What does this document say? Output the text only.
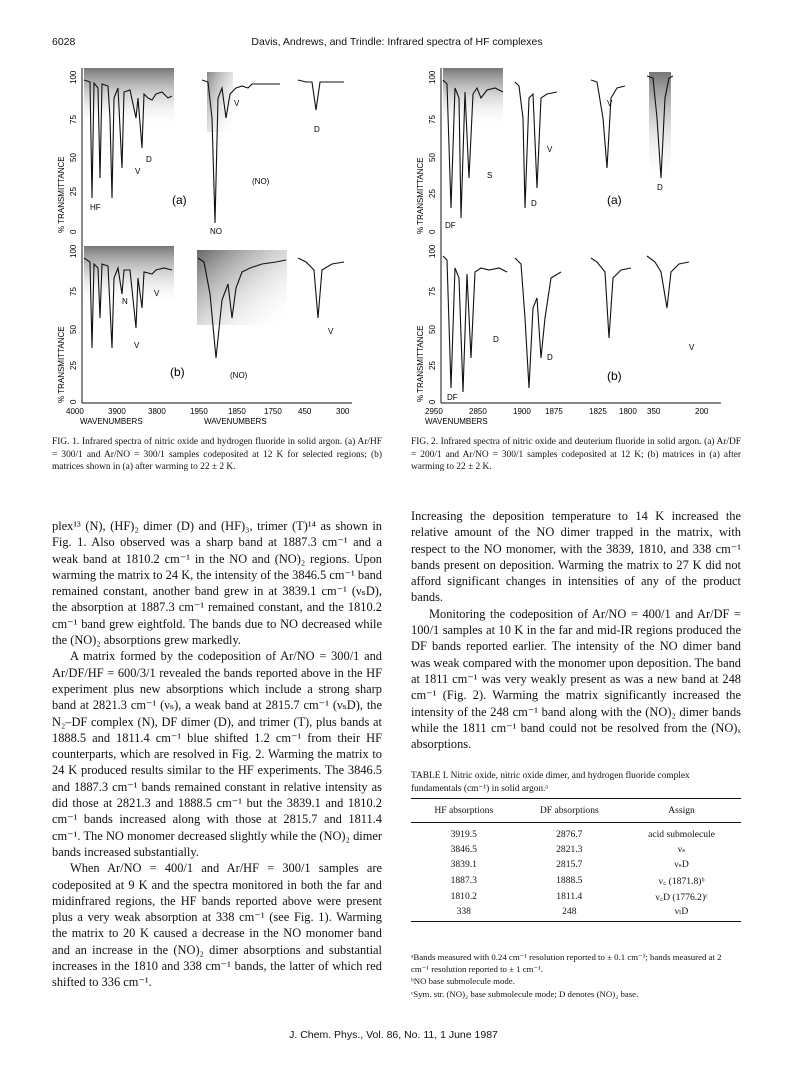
6028	Davis, Andrews, and Trindle: Infrared spectra of HF complexes
% TRANSMITTANCE
% TRANSMITTANCE
100
75
50
25
0
100
75
50
25
0
HF
D
V
(a)
V
NO
(NO)
D
N
V
V
(b)	(NO)
V
4000	3900	3800	1950	1850 1750 450	300
WAVENUMBERS	WAVENUMBERS
FIG. 1. Infrared spectra of nitric oxide and hydrogen fluoride in solid argon. (a) Ar/HF = 300/1 and Ar/NO = 300/1 samples codeposited at 12 K for selected regions; (b) matrices shown in (a) after warming to 22 ± 2 K.
% TRANSMITTANCE
% TRANSMITTANCE
100
75
50
25
0
100
75
50
25
0
DF
S
D
V
(a)
V
D
DF
D
D
(b)
V
2950	2850	1900 1875	1825 1800 350	200
WAVENUMBERS
FIG. 2. Infrared spectra of nitric oxide and deuterium fluoride in solid argon. (a) Ar/DF = 200/1 and Ar/NO = 300/1 samples codeposited at 12 K; (b) matrices in (a) after warming to 22 ± 2 K.

plex¹³ (N), (HF)₂ dimer (D) and (HF)₃, trimer (T)¹⁴ as shown in Fig. 1. Also observed was a sharp band at 1887.3 cm⁻¹ and a weak band at 1810.2 cm⁻¹ in the NO and (NO)₂ regions. Upon warming the matrix to 24 K, the intensity of the 3846.5 cm⁻¹ band remained constant, another band grew in at 3839.1 cm⁻¹ (νₛD), the absorption at 1887.3 cm⁻¹ remained constant, and the 1810.2 cm⁻¹ band grew eightfold. The bands due to NO decreased while the (NO)₂ absorptions grew markedly.

A matrix formed by the codeposition of Ar/NO = 300/1 and Ar/DF/HF = 600/3/1 revealed the bands reported above in the HF experiment plus new absorptions which include a strong sharp band at 2821.3 cm⁻¹ (νₛ), a weak band at 2815.7 cm⁻¹ (νₛD), the N₂–DF complex (N), DF dimer (D), and trimer (T), plus bands at 1888.5 and 1811.4 cm⁻¹ blue shifted 1.2 cm⁻¹ from their HF counterparts, which are resolved in Fig. 2. Warming the matrix to 24 K produced results similar to the HF experiments. The 3846.5 and 1887.3 cm⁻¹ bands remained constant in relative intensity as did those at 2821.3 and 1888.5 cm⁻¹ but the 3839.1 and 1810.2 cm⁻¹ bands increased along with those at 2815.7 and 1811.4 cm⁻¹. The NO monomer decreased slightly while the (NO)₂ dimer bands increased substantially.

When Ar/NO = 400/1 and Ar/HF = 300/1 samples are codeposited at 9 K and the spectra monitored in both the far and midinfrared regions, the HF bands reported above were present plus a very weak absorption at 338 cm⁻¹ (see Fig. 1). Warming the matrix to 20 K caused a decrease in the NO monomer band and an increase in the (NO)₂ dimer absorptions and substantial increases in the 1810 and 338 cm⁻¹ bands, the latter of which red shifted to 336 cm⁻¹.

Increasing the deposition temperature to 14 K increased the relative amount of the NO dimer trapped in the matrix, with respect to the NO monomer, with the 3839, 1810, and 338 cm⁻¹ bands present on deposition. Warming the matrix to 27 K did not afford significant changes in intensities of any of the product bands.

Monitoring the codeposition of Ar/NO = 400/1 and Ar/DF = 100/1 samples at 10 K in the far and mid-IR regions produced the DF bands reported earlier. The intensity of the NO dimer band was weak compared with the monomer upon deposition. The band at 1811 cm⁻¹ was very weakly present as was a new band at 248 cm⁻¹ (Fig. 2). Warming the matrix significantly increased the intensity of the 248 cm⁻¹ band along with the (NO)₂ dimer bands while the 1811 cm⁻¹ band could not be resolved from the (NO)ₓ absorptions.

TABLE I. Nitric oxide, nitric oxide dimer, and hydrogen fluoride complex fundamentals (cm⁻¹) in solid argon.ᵃ
HF absorptions	DF absorptions	Assign
3919.5	2876.7	acid submolecule
3846.5	2821.3	νₛ
3839.1	2815.7	νₛD
1887.3	1888.5	ν꜀ (1871.8)ᵇ
1810.2	1811.4	ν꜀D (1776.2)ᶜ
338	248	νₗD
ᵃBands measured with 0.24 cm⁻¹ resolution reported to ± 0.1 cm⁻¹; bands measured at 2 cm⁻¹ resolution reported to ± 1 cm⁻¹.
ᵇNO base submolecule mode.
ᶜSym. str. (NO)₂ base submolecule mode; D denotes (NO)₂ base.
J. Chem. Phys., Vol. 86, No. 11, 1 June 1987
